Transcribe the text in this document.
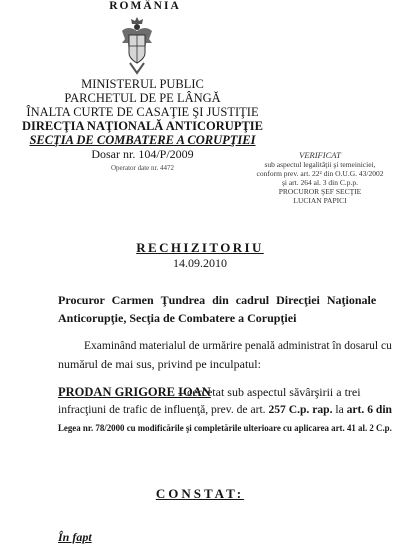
ROMÂNIA
MINISTERUL PUBLIC
PARCHETUL DE PE LÂNGĂ
ÎNALTA CURTE DE CASAŢIE ŞI JUSTIŢIE
DIRECŢIA NAŢIONALĂ ANTICORUPŢIE
SECŢIA DE COMBATERE A CORUPŢIEI
Dosar nr. 104/P/2009
Operator date nr. 4472
VERIFICAT
sub aspectul legalităţii şi temeiniciei,
conform prev. art. 22² din O.U.G. 43/2002
şi art. 264 al. 3 din C.p.p.
PROCUROR ŞEF SECŢIE
LUCIAN PAPICI
RECHIZITORIU
14.09.2010
Procuror Carmen Ţundrea din cadrul Direcţiei Naţionale
Anticorupţie, Secţia de Combatere a Corupţiei
Examinând materialul de urmărire penală administrat în dosarul cu
numărul de mai sus, privind pe inculpatul:
PRODAN GRIGORE IOAN
– cercetat sub aspectul săvârşirii a trei
infracţiuni de trafic de influenţă, prev. de art. 257 C.p. rap. la art. 6 din
Legea nr. 78/2000 cu modificările şi completările ulterioare cu aplicarea art. 41 al. 2 C.p.
CONSTAT:
În fapt
